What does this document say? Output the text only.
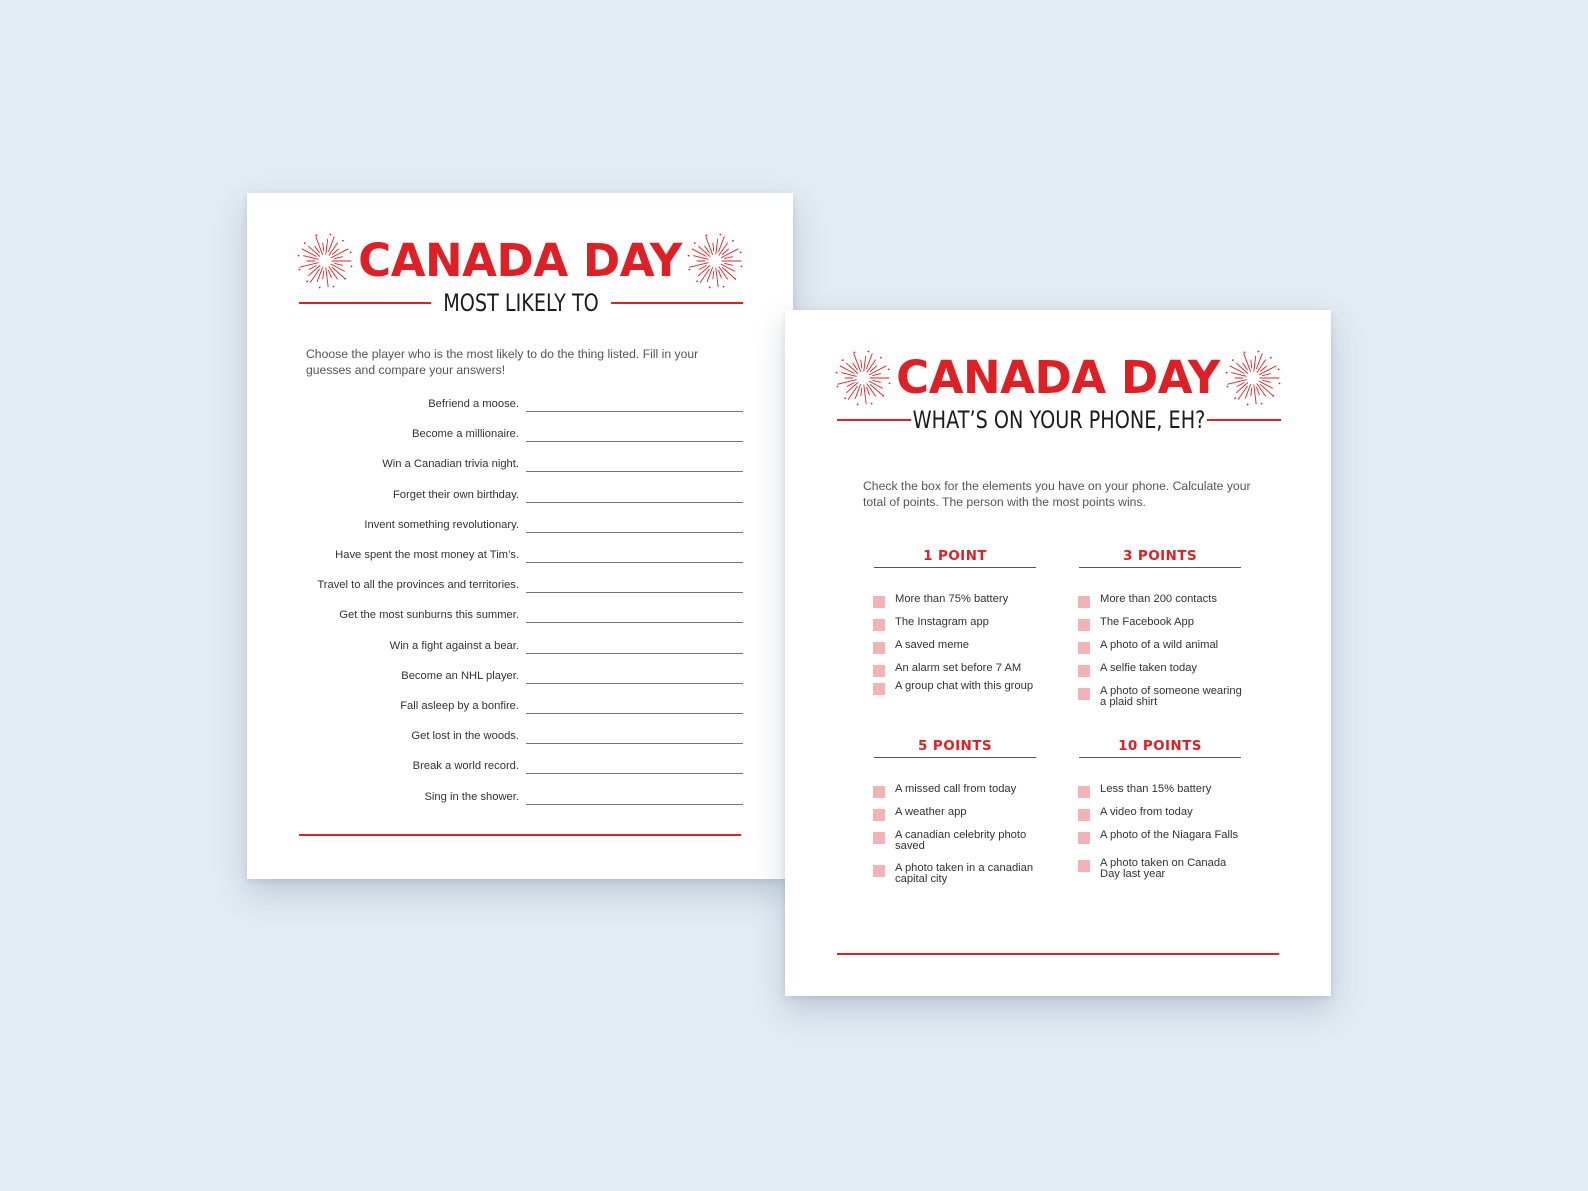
CANADA DAY
MOST LIKELY TO
Choose the player who is the most likely to do the thing listed. Fill in your guesses and compare your answers!
Befriend a moose.
Become a millionaire.
Win a Canadian trivia night.
Forget their own birthday.
Invent something revolutionary.
Have spent the most money at Tim’s.
Travel to all the provinces and territories.
Get the most sunburns this summer.
Win a fight against a bear.
Become an NHL player.
Fall asleep by a bonfire.
Get lost in the woods.
Break a world record.
Sing in the shower.
CANADA DAY
WHAT’S ON YOUR PHONE, EH?
Check the box for the elements you have on your phone. Calculate your total of points. The person with the most points wins.
1 POINT
More than 75% battery
The Instagram app
A saved meme
An alarm set before 7 AM
A group chat with this group
3 POINTS
More than 200 contacts
The Facebook App
A photo of a wild animal
A selfie taken today
A photo of someone wearing a plaid shirt
5 POINTS
A missed call from today
A weather app
A canadian celebrity photo saved
A photo taken in a canadian capital city
10 POINTS
Less than 15% battery
A video from today
A photo of the Niagara Falls
A photo taken on Canada Day last year
